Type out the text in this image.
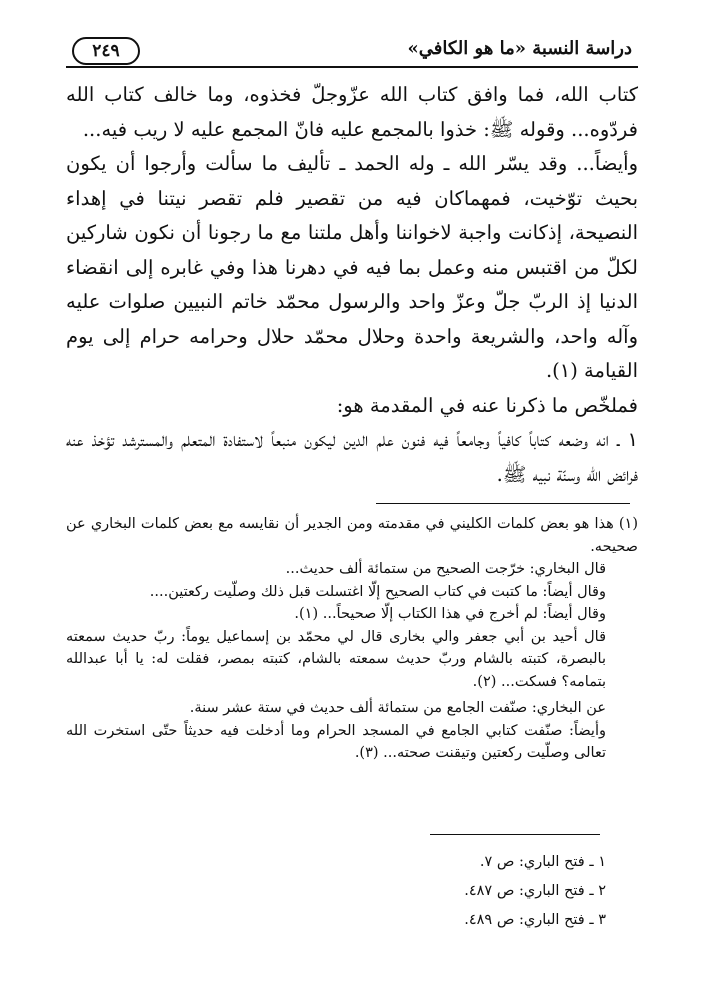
دراسة النسبة «ما هو الكافي»
٢٤٩

كتاب الله، فما وافق كتاب الله عزّوجلّ فخذوه، وما خالف كتاب الله فردّوه... وقوله ﷺ: خذوا بالمجمع عليه فانّ المجمع عليه لا ريب فيه...

وأيضاً... وقد يسّر الله ـ وله الحمد ـ تأليف ما سألت وأرجوا أن يكون بحيث توّخيت، فمهماكان فيه من تقصير فلم تقصر نيتنا في إهداء النصيحة، إذكانت واجبة لاخواننا وأهل ملتنا مع ما رجونا أن نكون شاركين لكلّ من اقتبس منه وعمل بما فيه في دهرنا هذا وفي غابره إلى انقضاء الدنيا إذ الربّ جلّ وعزّ واحد والرسول محمّد خاتم النبيين صلوات عليه وآله واحد، والشريعة واحدة وحلال محمّد حلال وحرامه حرام إلى يوم القيامة (١).

فملخّص ما ذكرنا عنه في المقدمة هو:

١ ـ انه وضعه كتاباً كافياً وجامعاً فيه فنون علم الدين ليكون منبعاً لاستفادة المتعلم والمسترشد تؤخذ عنه فرائض الله وسنّة نبيه ﷺ.

(١) هذا هو بعض كلمات الكليني في مقدمته ومن الجدير أن نقايسه مع بعض كلمات البخاري عن صحيحه.

قال البخاري: خرّجت الصحيح من ستمائة ألف حديث...

وقال أيضاً: ما كتبت في كتاب الصحيح إلّا اغتسلت قبل ذلك وصلّيت ركعتين....

وقال أيضاً: لم أخرج في هذا الكتاب إلّا صحيحاً... (١).

قال أحيد بن أبي جعفر والي بخارى قال لي محمّد بن إسماعيل يوماً: ربّ حديث سمعته بالبصرة، كتبته بالشام وربّ حديث سمعته بالشام، كتبته بمصر، فقلت له: يا أبا عبدالله بتمامه؟ فسكت... (٢).

عن البخاري: صنّفت الجامع من ستمائة ألف حديث في ستة عشر سنة.

وأيضاً: صنّفت كتابي الجامع في المسجد الحرام وما أدخلت فيه حديثاً حتّى استخرت الله تعالى وصلّيت ركعتين وتيقنت صحته... (٣).

١ ـ فتح الباري: ص ٧.
٢ ـ فتح الباري: ص ٤٨٧.
٣ ـ فتح الباري: ص ٤٨٩.
